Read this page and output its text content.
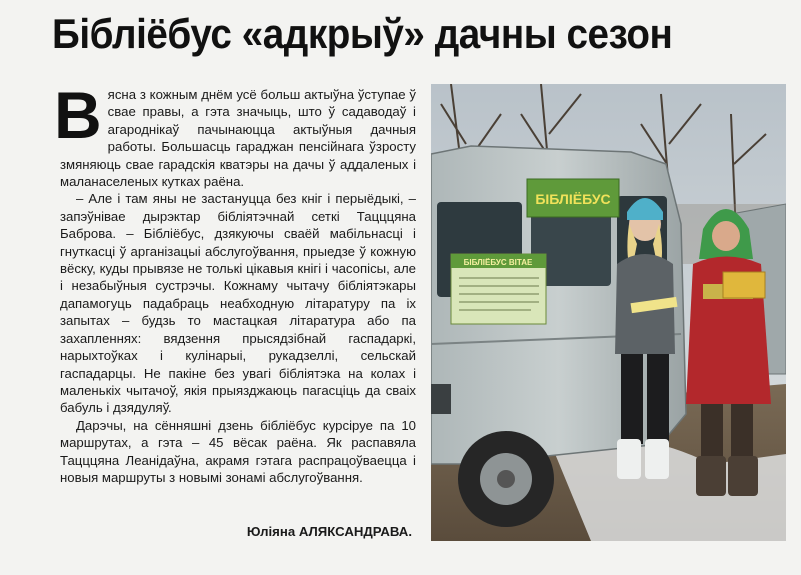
Бібліёбус «адкрыў» дачны сезон

Вясна з кожным днём усё больш актыўна ўступае ў свае правы, а гэта значыць, што ў садаводаў і агароднікаў пачынаюцца актыўныя дачныя работы. Большасць гараджан пенсійнага ўзросту змяняюць свае гарадскія кватэры на дачы ў аддаленых і маланаселеных кутках раёна.

– Але і там яны не застануцца без кніг і перыёдыкі, – запэўнівае дырэктар бібліятэчнай сеткі Тацццяна Баброва. – Бібліёбус, дзякуючы сваёй мабільнасці і гнуткасці ў арганізацыі абслугоўвання, прыедзе ў кожную вёску, куды прывязе не толькі цікавыя кнігі і часопісы, але і незабыўныя сустрэчы. Кожнаму чытачу бібліятэкары дапамогуць падабраць неабходную літаратуру па іх запытах – будзь то мастацкая літаратура або па захапленнях: вядзення прысядзібнай гаспадаркі, нарыхтоўках і кулінарыі, рукадзеллі, сельскай гаспадарцы. Не пакіне без увагі бібліятэка на колах і маленькіх чытачоў, якія прыязджаюць пагасціць да сваіх бабуль і дзядуляў.

Дарэчы, на сённяшні дзень бібліёбус курсіруе па 10 маршрутах, а гэта – 45 вёсак раёна. Як распавяла Тацццяна Леанідаўна, акрамя гэтага распрацоўваецца і новыя маршруты з новымі зонамі абслугоўвання.

Юліяна АЛЯКСАНДРАВА.
БІБЛІЁБУС
БІБЛІЁБУС ВІТАЕ
